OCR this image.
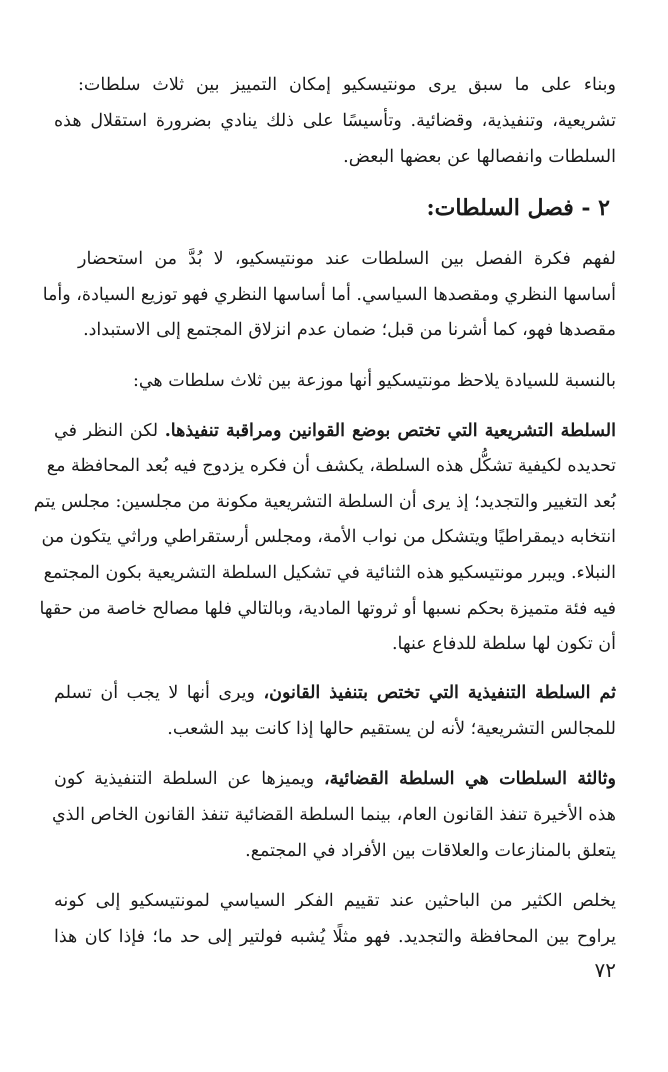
وبناء على ما سبق يرى مونتيسكيو إمكان التمييز بين ثلاث سلطات:
تشريعية، وتنفيذية، وقضائية. وتأسيسًا على ذلك ينادي بضرورة استقلال هذه
السلطات وانفصالها عن بعضها البعض.
٢ - فصل السلطات:
لفهم فكرة الفصل بين السلطات عند مونتيسكيو، لا بُدَّ من استحضار
أساسها النظري ومقصدها السياسي. أما أساسها النظري فهو توزيع السيادة، وأما
مقصدها فهو، كما أشرنا من قبل؛ ضمان عدم انزلاق المجتمع إلى الاستبداد.
بالنسبة للسيادة يلاحظ مونتيسكيو أنها موزعة بين ثلاث سلطات هي:
السلطة التشريعية التي تختص بوضع القوانين ومراقبة تنفيذها. لكن النظر في
تحديده لكيفية تشكُّل هذه السلطة، يكشف أن فكره يزدوج فيه بُعد المحافظة مع
بُعد التغيير والتجديد؛ إذ يرى أن السلطة التشريعية مكونة من مجلسين: مجلس يتم
انتخابه ديمقراطيًا ويتشكل من نواب الأمة، ومجلس أرستقراطي وراثي يتكون من
النبلاء. ويبرر مونتيسكيو هذه الثنائية في تشكيل السلطة التشريعية بكون المجتمع
فيه فئة متميزة بحكم نسبها أو ثروتها المادية، وبالتالي فلها مصالح خاصة من حقها
أن تكون لها سلطة للدفاع عنها.
ثم السلطة التنفيذية التي تختص بتنفيذ القانون، ويرى أنها لا يجب أن تسلم
للمجالس التشريعية؛ لأنه لن يستقيم حالها إذا كانت بيد الشعب.
وثالثة السلطات هي السلطة القضائية، ويميزها عن السلطة التنفيذية كون
هذه الأخيرة تنفذ القانون العام، بينما السلطة القضائية تنفذ القانون الخاص الذي
يتعلق بالمنازعات والعلاقات بين الأفراد في المجتمع.
يخلص الكثير من الباحثين عند تقييم الفكر السياسي لمونتيسكيو إلى كونه
يراوح بين المحافظة والتجديد. فهو مثلًا يُشبه فولتير إلى حد ما؛ فإذا كان هذا
٧٢
